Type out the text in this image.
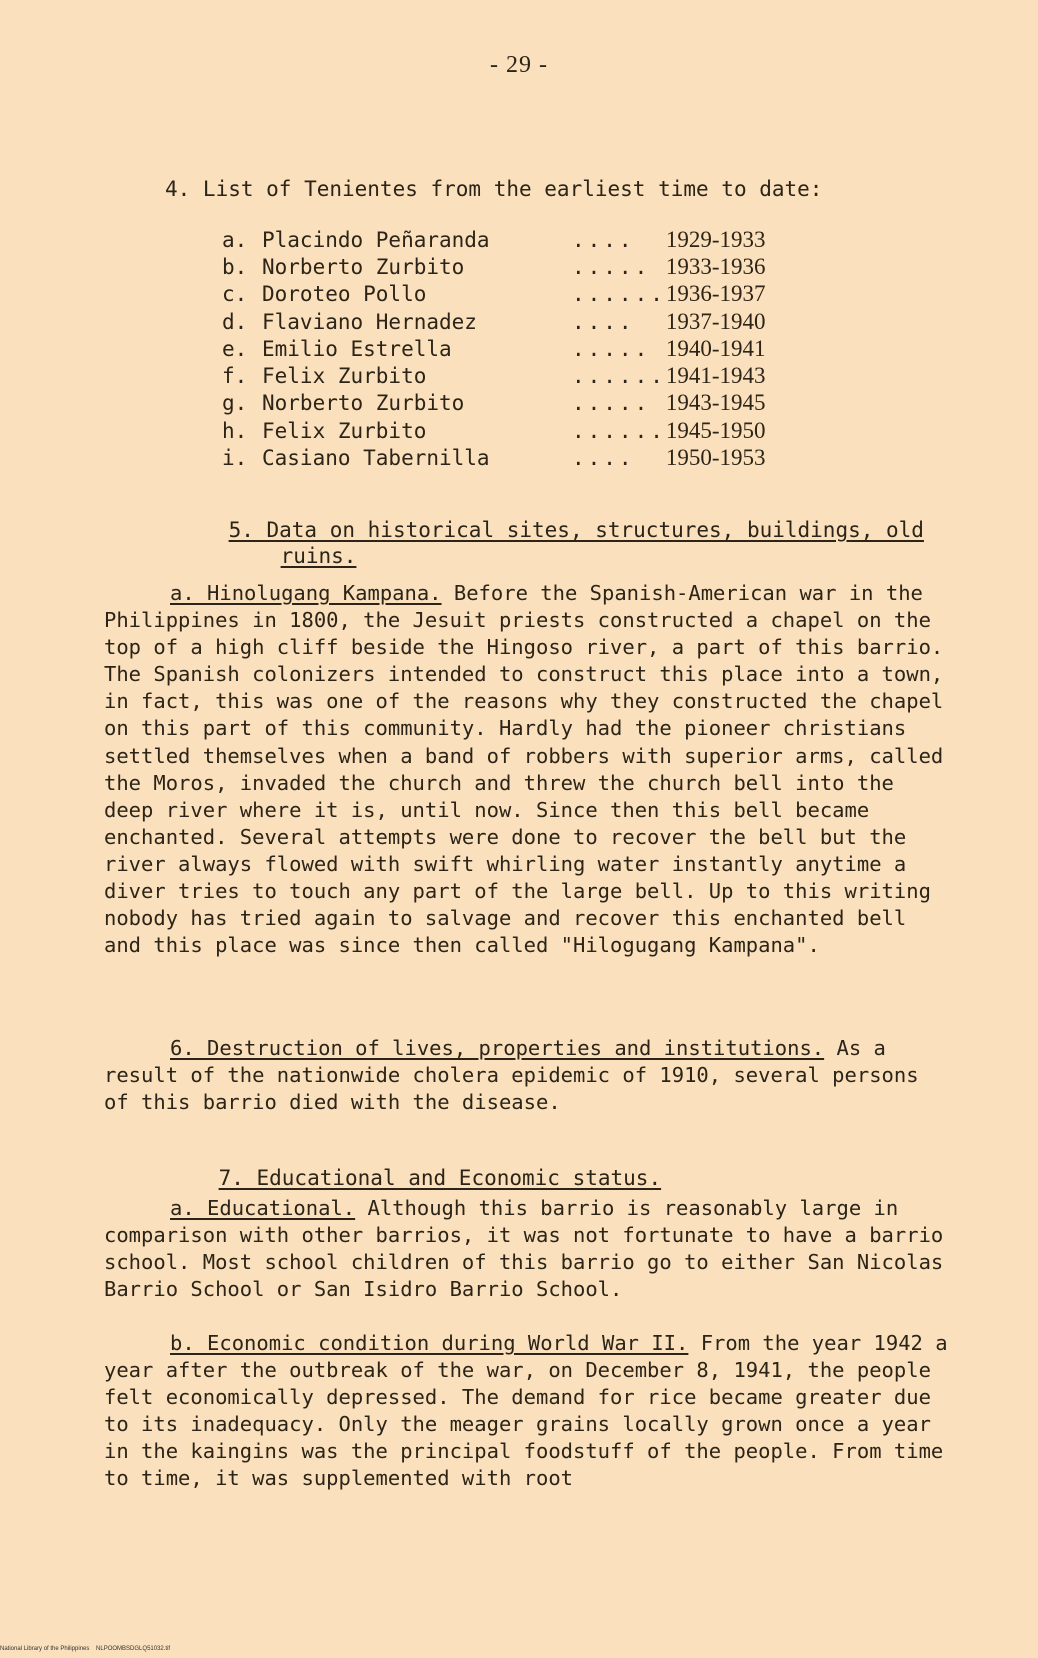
- 29 -
4. List of Tenientes from the earliest time to date:
a.	Placindo Peñaranda	....	1929-1933
b.	Norberto Zurbito	.....	1933-1936
c.	Doroteo Pollo	......	1936-1937
d.	Flaviano Hernadez	....	1937-1940
e.	Emilio Estrella	.....	1940-1941
f.	Felix Zurbito	......	1941-1943
g.	Norberto Zurbito	.....	1943-1945
h.	Felix Zurbito	......	1945-1950
i.	Casiano Tabernilla	....	1950-1953

5. Data on historical sites, structures, buildings, old

ruins.

a. Hinolugang Kampana. Before the Spanish-American war in the Philippines in 1800, the Jesuit priests constructed a chapel on the top of a high cliff beside the Hingoso river, a part of this barrio. The Spanish colonizers intended to construct this place into a town, in fact, this was one of the reasons why they constructed the chapel on this part of this community. Hardly had the pioneer christians settled themselves when a band of robbers with superior arms, called the Moros, invaded the church and threw the church bell into the deep river where it is, until now. Since then this bell became enchanted. Several attempts were done to recover the bell but the river always flowed with swift whirling water instantly anytime a diver tries to touch any part of the large bell. Up to this writing nobody has tried again to salvage and recover this enchanted bell and this place was since then called "Hilogugang Kampana".
6. Destruction of lives, properties and institutions. As a result of the nationwide cholera epidemic of 1910, several persons of this barrio died with the disease.

7. Educational and Economic status.

a. Educational. Although this barrio is reasonably large in comparison with other barrios, it was not fortunate to have a barrio school. Most school children of this barrio go to either San Nicolas Barrio School or San Isidro Barrio School.
b. Economic condition during World War II. From the year 1942 a year after the outbreak of the war, on December 8, 1941, the people felt economically depressed. The demand for rice became greater due to its inadequacy. Only the meager grains locally grown once a year in the kaingins was the principal foodstuff of the people. From time to time, it was supplemented with root
National Library of the Philippines    NLPOOMBSDGLQ51032.tif
